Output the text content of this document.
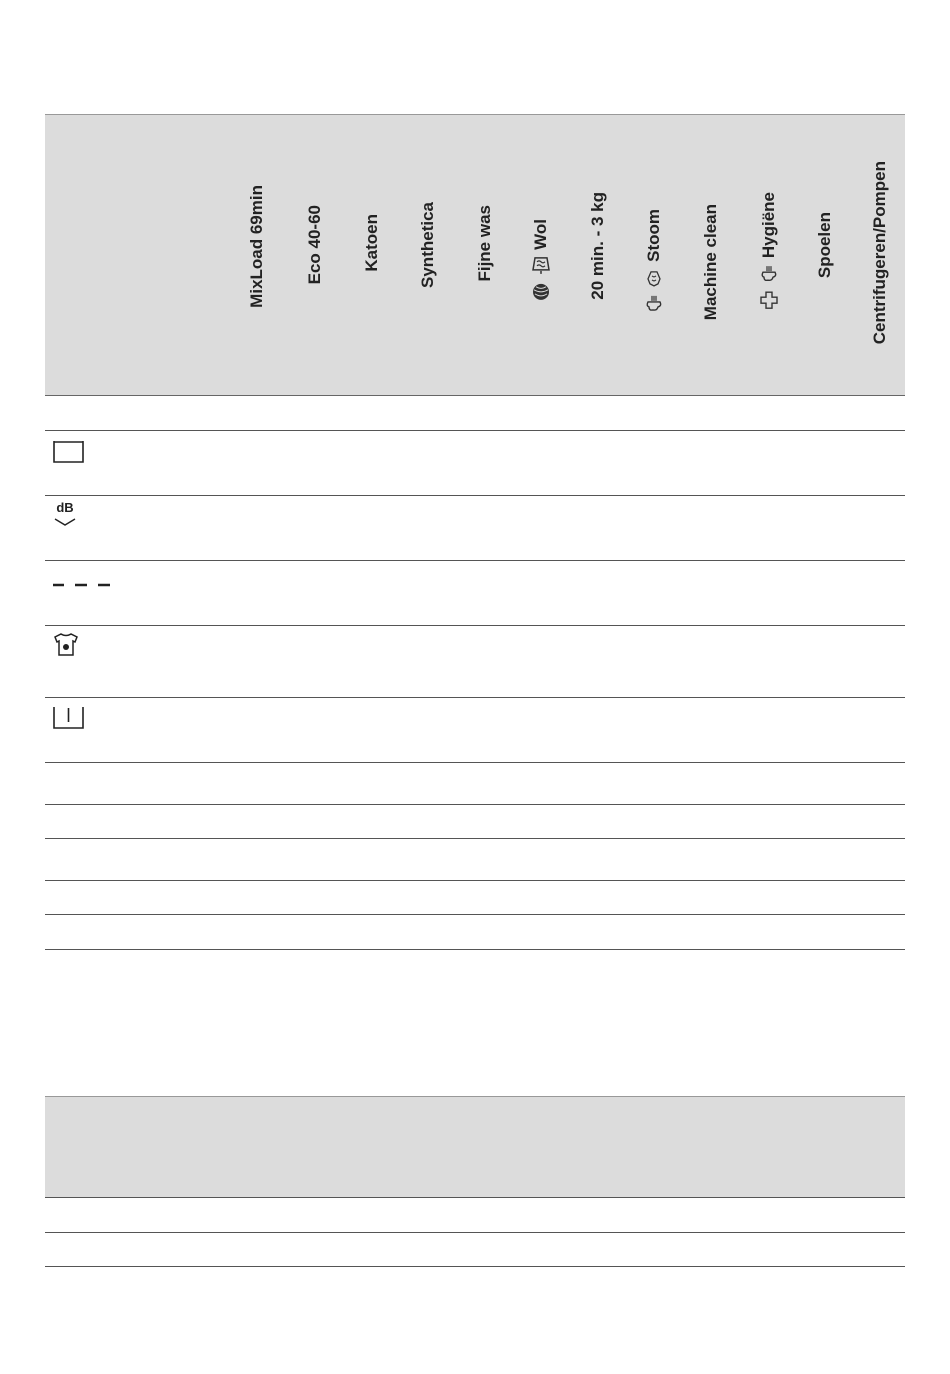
MixLoad 69min Eco 40-60 Katoen Synthetica Fijne was Wol 20 min. - 3 kg Stoom Machine clean Hygiëne Spoelen Centrifugeren/Pompen
dB
